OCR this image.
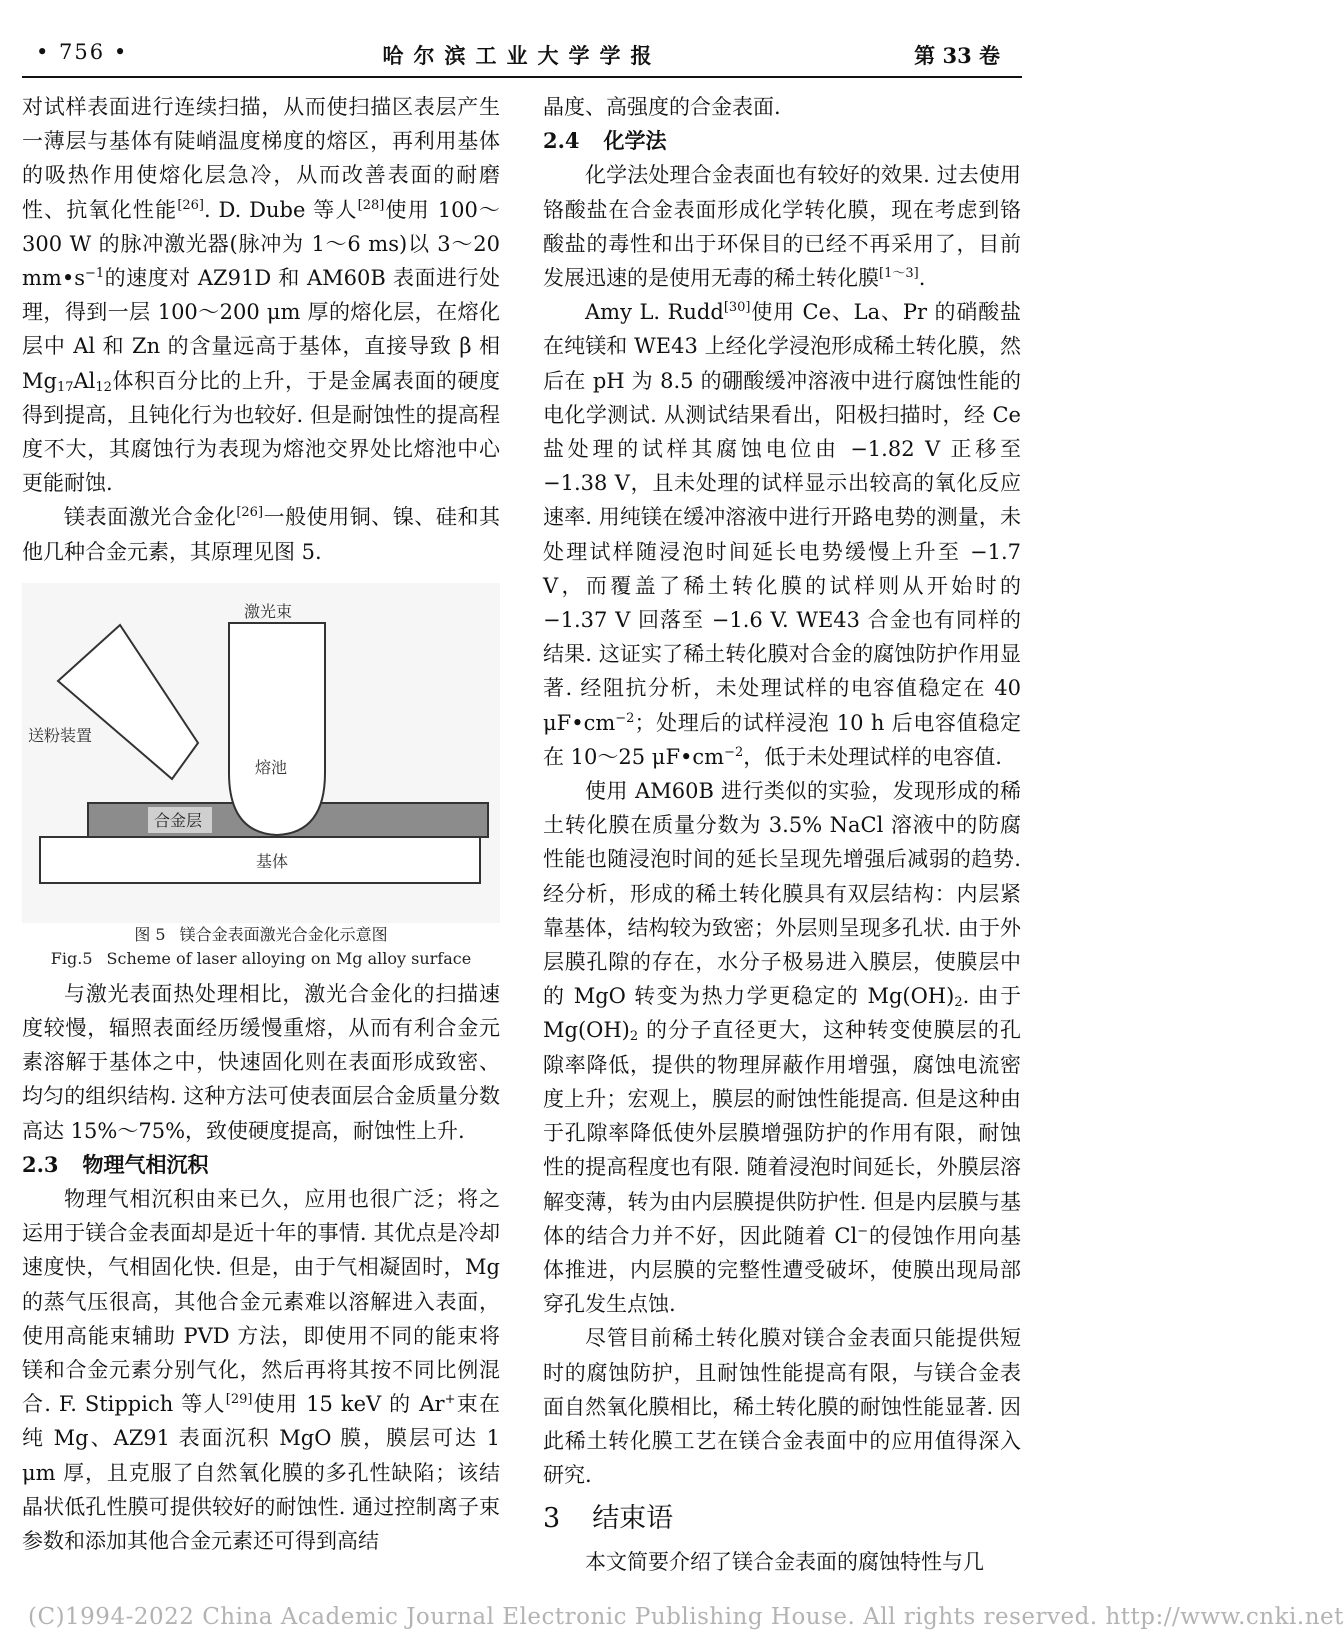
• 756 •	哈尔滨工业大学学报	第 33 卷

对试样表面进行连续扫描，从而使扫描区表层产生一薄层与基体有陡峭温度梯度的熔区，再利用基体的吸热作用使熔化层急冷，从而改善表面的耐磨性、抗氧化性能[26]. D. Dube 等人[28]使用 100～300 W 的脉冲激光器(脉冲为 1～6 ms)以 3～20 $mm•s^{-1}$的速度对 AZ91D 和 AM60B 表面进行处理，得到一层 100～200 μm 厚的熔化层，在熔化层中 Al 和 Zn 的含量远高于基体，直接导致 β 相 $Mg_{17}Al_{12}$体积百分比的上升，于是金属表面的硬度得到提高，且钝化行为也较好. 但是耐蚀性的提高程度不大，其腐蚀行为表现为熔池交界处比熔池中心更能耐蚀.

镁表面激光合金化[26]一般使用铜、镍、硅和其他几种合金元素，其原理见图 5.

激光束
送粉装置
熔池
合金层
基体
图 5 镁合金表面激光合金化示意图
Fig.5 Scheme of laser alloying on Mg alloy surface

与激光表面热处理相比，激光合金化的扫描速度较慢，辐照表面经历缓慢重熔，从而有利合金元素溶解于基体之中，快速固化则在表面形成致密、均匀的组织结构. 这种方法可使表面层合金质量分数高达 15%～75%，致使硬度提高，耐蚀性上升.

2.3 物理气相沉积

物理气相沉积由来已久，应用也很广泛；将之运用于镁合金表面却是近十年的事情. 其优点是冷却速度快，气相固化快. 但是，由于气相凝固时，Mg 的蒸气压很高，其他合金元素难以溶解进入表面，使用高能束辅助 PVD 方法，即使用不同的能束将镁和合金元素分别气化，然后再将其按不同比例混合. F. Stippich 等人[29]使用 15 keV 的 Ar+束在纯 Mg、AZ91 表面沉积 MgO 膜，膜层可达 1 μm 厚，且克服了自然氧化膜的多孔性缺陷；该结晶状低孔性膜可提供较好的耐蚀性. 通过控制离子束参数和添加其他合金元素还可得到高结

晶度、高强度的合金表面.

2.4 化学法

化学法处理合金表面也有较好的效果. 过去使用铬酸盐在合金表面形成化学转化膜，现在考虑到铬酸盐的毒性和出于环保目的已经不再采用了，目前发展迅速的是使用无毒的稀土转化膜[1～3].

Amy L. Rudd[30]使用 Ce、La、Pr 的硝酸盐在纯镁和 WE43 上经化学浸泡形成稀土转化膜，然后在 pH 为 8.5 的硼酸缓冲溶液中进行腐蚀性能的电化学测试. 从测试结果看出，阳极扫描时，经 Ce 盐处理的试样其腐蚀电位由 −1.82 V 正移至 −1.38 V，且未处理的试样显示出较高的氧化反应速率. 用纯镁在缓冲溶液中进行开路电势的测量，未处理试样随浸泡时间延长电势缓慢上升至 −1.7 V，而覆盖了稀土转化膜的试样则从开始时的 −1.37 V 回落至 −1.6 V. WE43 合金也有同样的结果. 这证实了稀土转化膜对合金的腐蚀防护作用显著. 经阻抗分析，未处理试样的电容值稳定在 40 $\mu F•cm^{-2}$；处理后的试样浸泡 10 h 后电容值稳定在 10～25 $\mu F•cm^{-2}$，低于未处理试样的电容值.

使用 AM60B 进行类似的实验，发现形成的稀土转化膜在质量分数为 3.5% NaCl 溶液中的防腐性能也随浸泡时间的延长呈现先增强后减弱的趋势. 经分析，形成的稀土转化膜具有双层结构：内层紧靠基体，结构较为致密；外层则呈现多孔状. 由于外层膜孔隙的存在，水分子极易进入膜层，使膜层中的 MgO 转变为热力学更稳定的 $Mg(OH)_2$. 由于 $Mg(OH)_2$ 的分子直径更大，这种转变使膜层的孔隙率降低，提供的物理屏蔽作用增强，腐蚀电流密度上升；宏观上，膜层的耐蚀性能提高. 但是这种由于孔隙率降低使外层膜增强防护的作用有限，耐蚀性的提高程度也有限. 随着浸泡时间延长，外膜层溶解变薄，转为由内层膜提供防护性. 但是内层膜与基体的结合力并不好，因此随着 Cl−的侵蚀作用向基体推进，内层膜的完整性遭受破坏，使膜出现局部穿孔发生点蚀.

尽管目前稀土转化膜对镁合金表面只能提供短时的腐蚀防护，且耐蚀性能提高有限，与镁合金表面自然氧化膜相比，稀土转化膜的耐蚀性能显著. 因此稀土转化膜工艺在镁合金表面中的应用值得深入研究.

3 结束语

本文简要介绍了镁合金表面的腐蚀特性与几

(C)1994-2022 China Academic Journal Electronic Publishing House. All rights reserved. http://www.cnki.net
